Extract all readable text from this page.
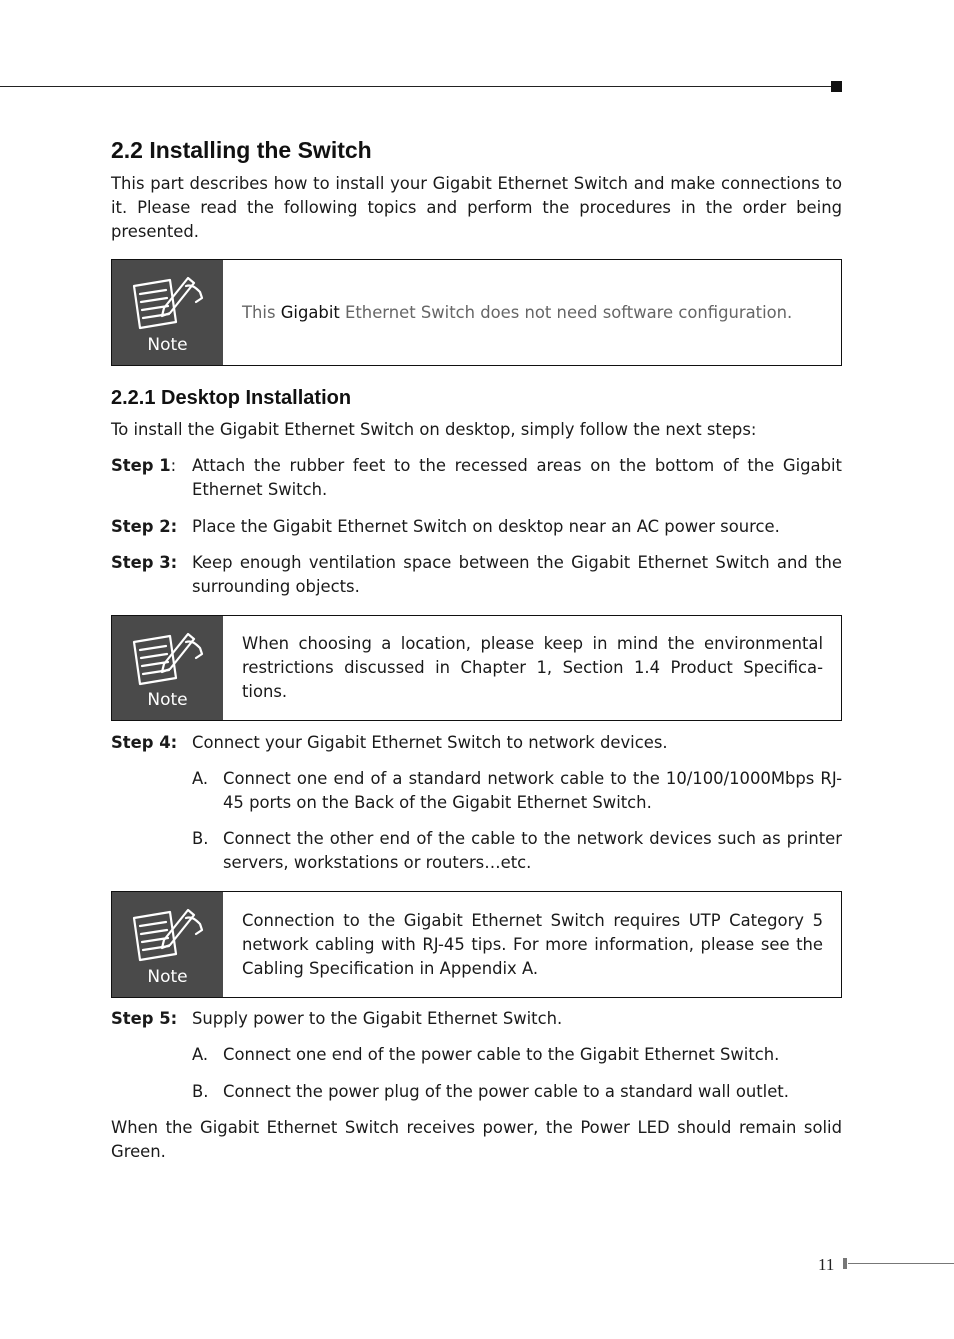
2.2 Installing the Switch

This part describes how to install your Gigabit Ethernet Switch and make connections to it. Please read the following topics and perform the procedures in the order being presented.

Note
This Gigabit Ethernet Switch does not need software configuration.
2.2.1 Desktop Installation

To install the Gigabit Ethernet Switch on desktop, simply follow the next steps:

Step 1: Attach the rubber feet to the recessed areas on the bottom of the Gigabit Ethernet Switch.
Step 2: Place the Gigabit Ethernet Switch on desktop near an AC power source.
Step 3: Keep enough ventilation space between the Gigabit Ethernet Switch and the surrounding objects.
Note
When choosing a location, please keep in mind the environmental restrictions discussed in Chapter 1, Section 1.4 Product Specifica-tions.
Step 4: Connect your Gigabit Ethernet Switch to network devices.
A. Connect one end of a standard network cable to the 10/100/1000Mbps RJ-45 ports on the Back of the Gigabit Ethernet Switch.
B. Connect the other end of the cable to the network devices such as printer servers, workstations or routers…etc.
Note
Connection to the Gigabit Ethernet Switch requires UTP Category 5 network cabling with RJ-45 tips. For more information, please see the Cabling Specification in Appendix A.
Step 5: Supply power to the Gigabit Ethernet Switch.
A. Connect one end of the power cable to the Gigabit Ethernet Switch.
B. Connect the power plug of the power cable to a standard wall outlet.

When the Gigabit Ethernet Switch receives power, the Power LED should remain solid Green.

11
